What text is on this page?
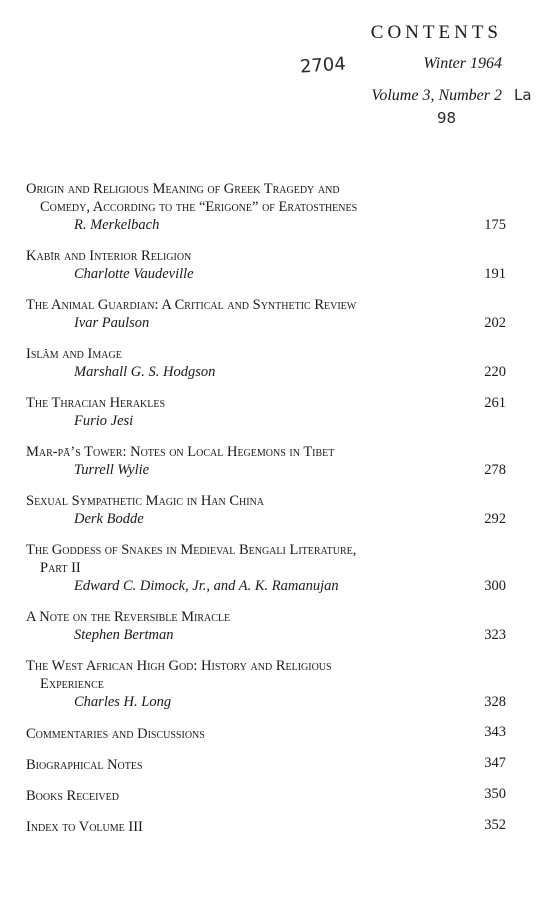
CONTENTS
2704	Winter 1964
Volume 3, Number 2 La
98
Origin and Religious Meaning of Greek Tragedy and
Comedy, According to the “Erigone” of Eratosthenes
R. Merkelbach	175
Kabīr and Interior Religion
Charlotte Vaudeville	191
The Animal Guardian: A Critical and Synthetic Review
Ivar Paulson	202
Islâm and Image
Marshall G. S. Hodgson	220
The Thracian Herakles	261
Furio Jesi
Mar-pā’s Tower: Notes on Local Hegemons in Tibet
Turrell Wylie	278
Sexual Sympathetic Magic in Han China
Derk Bodde	292
The Goddess of Snakes in Medieval Bengali Literature,
Part II
Edward C. Dimock, Jr., and A. K. Ramanujan	300
A Note on the Reversible Miracle
Stephen Bertman	323
The West African High God: History and Religious
Experience
Charles H. Long	328
Commentaries and Discussions	343
Biographical Notes	347
Books Received	350
Index to Volume III	352
